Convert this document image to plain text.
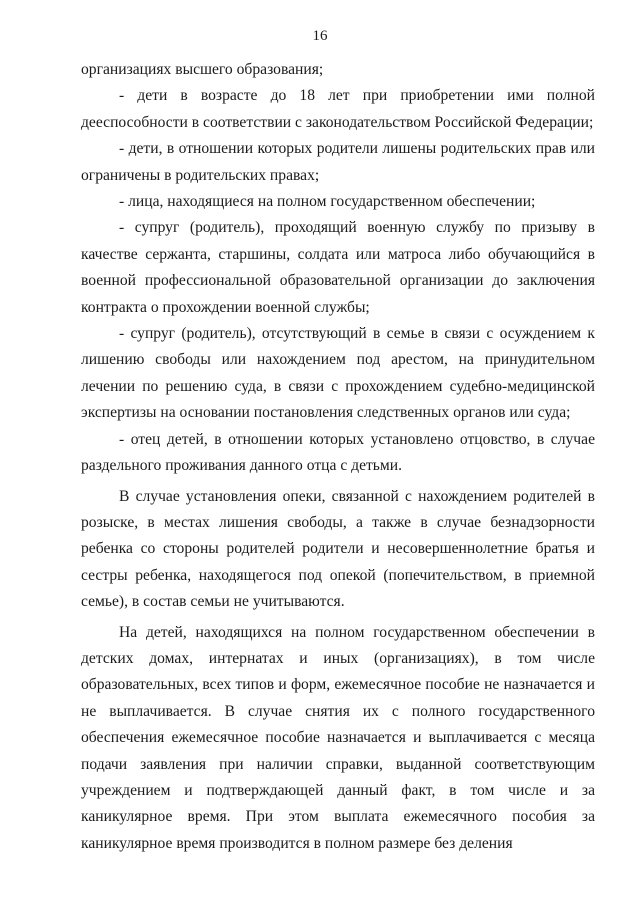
16

организациях высшего образования;

- дети в возрасте до 18 лет при приобретении ими полной дееспособности в соответствии с законодательством Российской Федерации;

- дети, в отношении которых родители лишены родительских прав или ограничены в родительских правах;

- лица, находящиеся на полном государственном обеспечении;

- супруг (родитель), проходящий военную службу по призыву в качестве сержанта, старшины, солдата или матроса либо обучающийся в военной профессиональной образовательной организации до заключения контракта о прохождении военной службы;

- супруг (родитель), отсутствующий в семье в связи с осуждением к лишению свободы или нахождением под арестом, на принудительном лечении по решению суда, в связи с прохождением судебно-медицинской экспертизы на основании постановления следственных органов или суда;

- отец детей, в отношении которых установлено отцовство, в случае раздельного проживания данного отца с детьми.

В случае установления опеки, связанной с нахождением родителей в розыске, в местах лишения свободы, а также в случае безнадзорности ребенка со стороны родителей родители и несовершеннолетние братья и сестры ребенка, находящегося под опекой (попечительством, в приемной семье), в состав семьи не учитываются.

На детей, находящихся на полном государственном обеспечении в детских домах, интернатах и иных (организациях), в том числе образовательных, всех типов и форм, ежемесячное пособие не назначается и не выплачивается. В случае снятия их с полного государственного обеспечения ежемесячное пособие назначается и выплачивается с месяца подачи заявления при наличии справки, выданной соответствующим учреждением и подтверждающей данный факт, в том числе и за каникулярное время. При этом выплата ежемесячного пособия за каникулярное время производится в полном размере без деления
